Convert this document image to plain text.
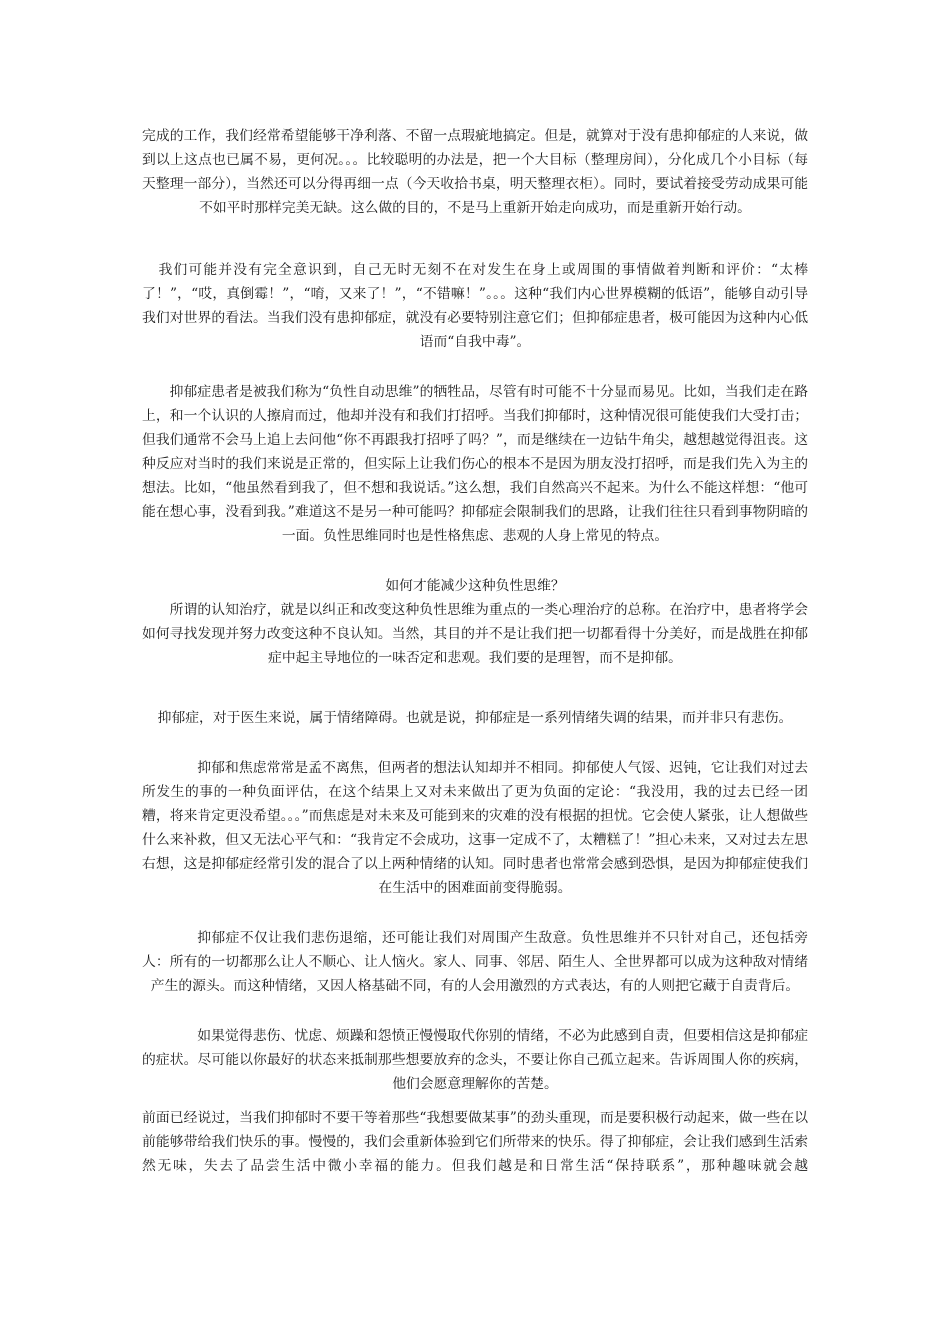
完成的工作，我们经常希望能够干净利落、不留一点瑕疵地搞定。但是，就算对于没有患抑郁症的人来说，做到以上这点也已属不易，更何况。。。比较聪明的办法是，把一个大目标（整理房间），分化成几个小目标（每天整理一部分），当然还可以分得再细一点（今天收拾书桌，明天整理衣柜）。同时，要试着接受劳动成果可能不如平时那样完美无缺。这么做的目的，不是马上重新开始走向成功，而是重新开始行动。

我们可能并没有完全意识到，自己无时无刻不在对发生在身上或周围的事情做着判断和评价：“太棒了！”，“哎，真倒霉！”，“唷，又来了！”，“不错嘛！”。。。这种“我们内心世界模糊的低语”，能够自动引导我们对世界的看法。当我们没有患抑郁症，就没有必要特别注意它们；但抑郁症患者，极可能因为这种内心低语而“自我中毒”。

抑郁症患者是被我们称为“负性自动思维”的牺牲品，尽管有时可能不十分显而易见。比如，当我们走在路上，和一个认识的人擦肩而过，他却并没有和我们打招呼。当我们抑郁时，这种情况很可能使我们大受打击；但我们通常不会马上追上去问他“你不再跟我打招呼了吗？”，而是继续在一边钻牛角尖，越想越觉得沮丧。这种反应对当时的我们来说是正常的，但实际上让我们伤心的根本不是因为朋友没打招呼，而是我们先入为主的想法。比如，“他虽然看到我了，但不想和我说话。”这么想，我们自然高兴不起来。为什么不能这样想：“他可能在想心事，没看到我。”难道这不是另一种可能吗？抑郁症会限制我们的思路，让我们往往只看到事物阴暗的一面。负性思维同时也是性格焦虑、悲观的人身上常见的特点。

如何才能减少这种负性思维？

所谓的认知治疗，就是以纠正和改变这种负性思维为重点的一类心理治疗的总称。在治疗中，患者将学会如何寻找发现并努力改变这种不良认知。当然，其目的并不是让我们把一切都看得十分美好，而是战胜在抑郁症中起主导地位的一味否定和悲观。我们要的是理智，而不是抑郁。

抑郁症，对于医生来说，属于情绪障碍。也就是说，抑郁症是一系列情绪失调的结果，而并非只有悲伤。

抑郁和焦虑常常是孟不离焦，但两者的想法认知却并不相同。抑郁使人气馁、迟钝，它让我们对过去所发生的事的一种负面评估，在这个结果上又对未来做出了更为负面的定论：“我没用，我的过去已经一团糟，将来肯定更没希望。。。”而焦虑是对未来及可能到来的灾难的没有根据的担忧。它会使人紧张，让人想做些什么来补救，但又无法心平气和：“我肯定不会成功，这事一定成不了，太糟糕了！”担心未来，又对过去左思右想，这是抑郁症经常引发的混合了以上两种情绪的认知。同时患者也常常会感到恐惧，是因为抑郁症使我们在生活中的困难面前变得脆弱。

抑郁症不仅让我们悲伤退缩，还可能让我们对周围产生敌意。负性思维并不只针对自己，还包括旁人：所有的一切都那么让人不顺心、让人恼火。家人、同事、邻居、陌生人、全世界都可以成为这种敌对情绪产生的源头。而这种情绪，又因人格基础不同，有的人会用激烈的方式表达，有的人则把它藏于自责背后。

如果觉得悲伤、忧虑、烦躁和怨愤正慢慢取代你别的情绪，不必为此感到自责，但要相信这是抑郁症的症状。尽可能以你最好的状态来抵制那些想要放弃的念头，不要让你自己孤立起来。告诉周围人你的疾病，他们会愿意理解你的苦楚。

前面已经说过，当我们抑郁时不要干等着那些“我想要做某事”的劲头重现，而是要积极行动起来，做一些在以前能够带给我们快乐的事。慢慢的，我们会重新体验到它们所带来的快乐。得了抑郁症，会让我们感到生活索然无味，失去了品尝生活中微小幸福的能力。但我们越是和日常生活“保持联系”，那种趣味就会越
